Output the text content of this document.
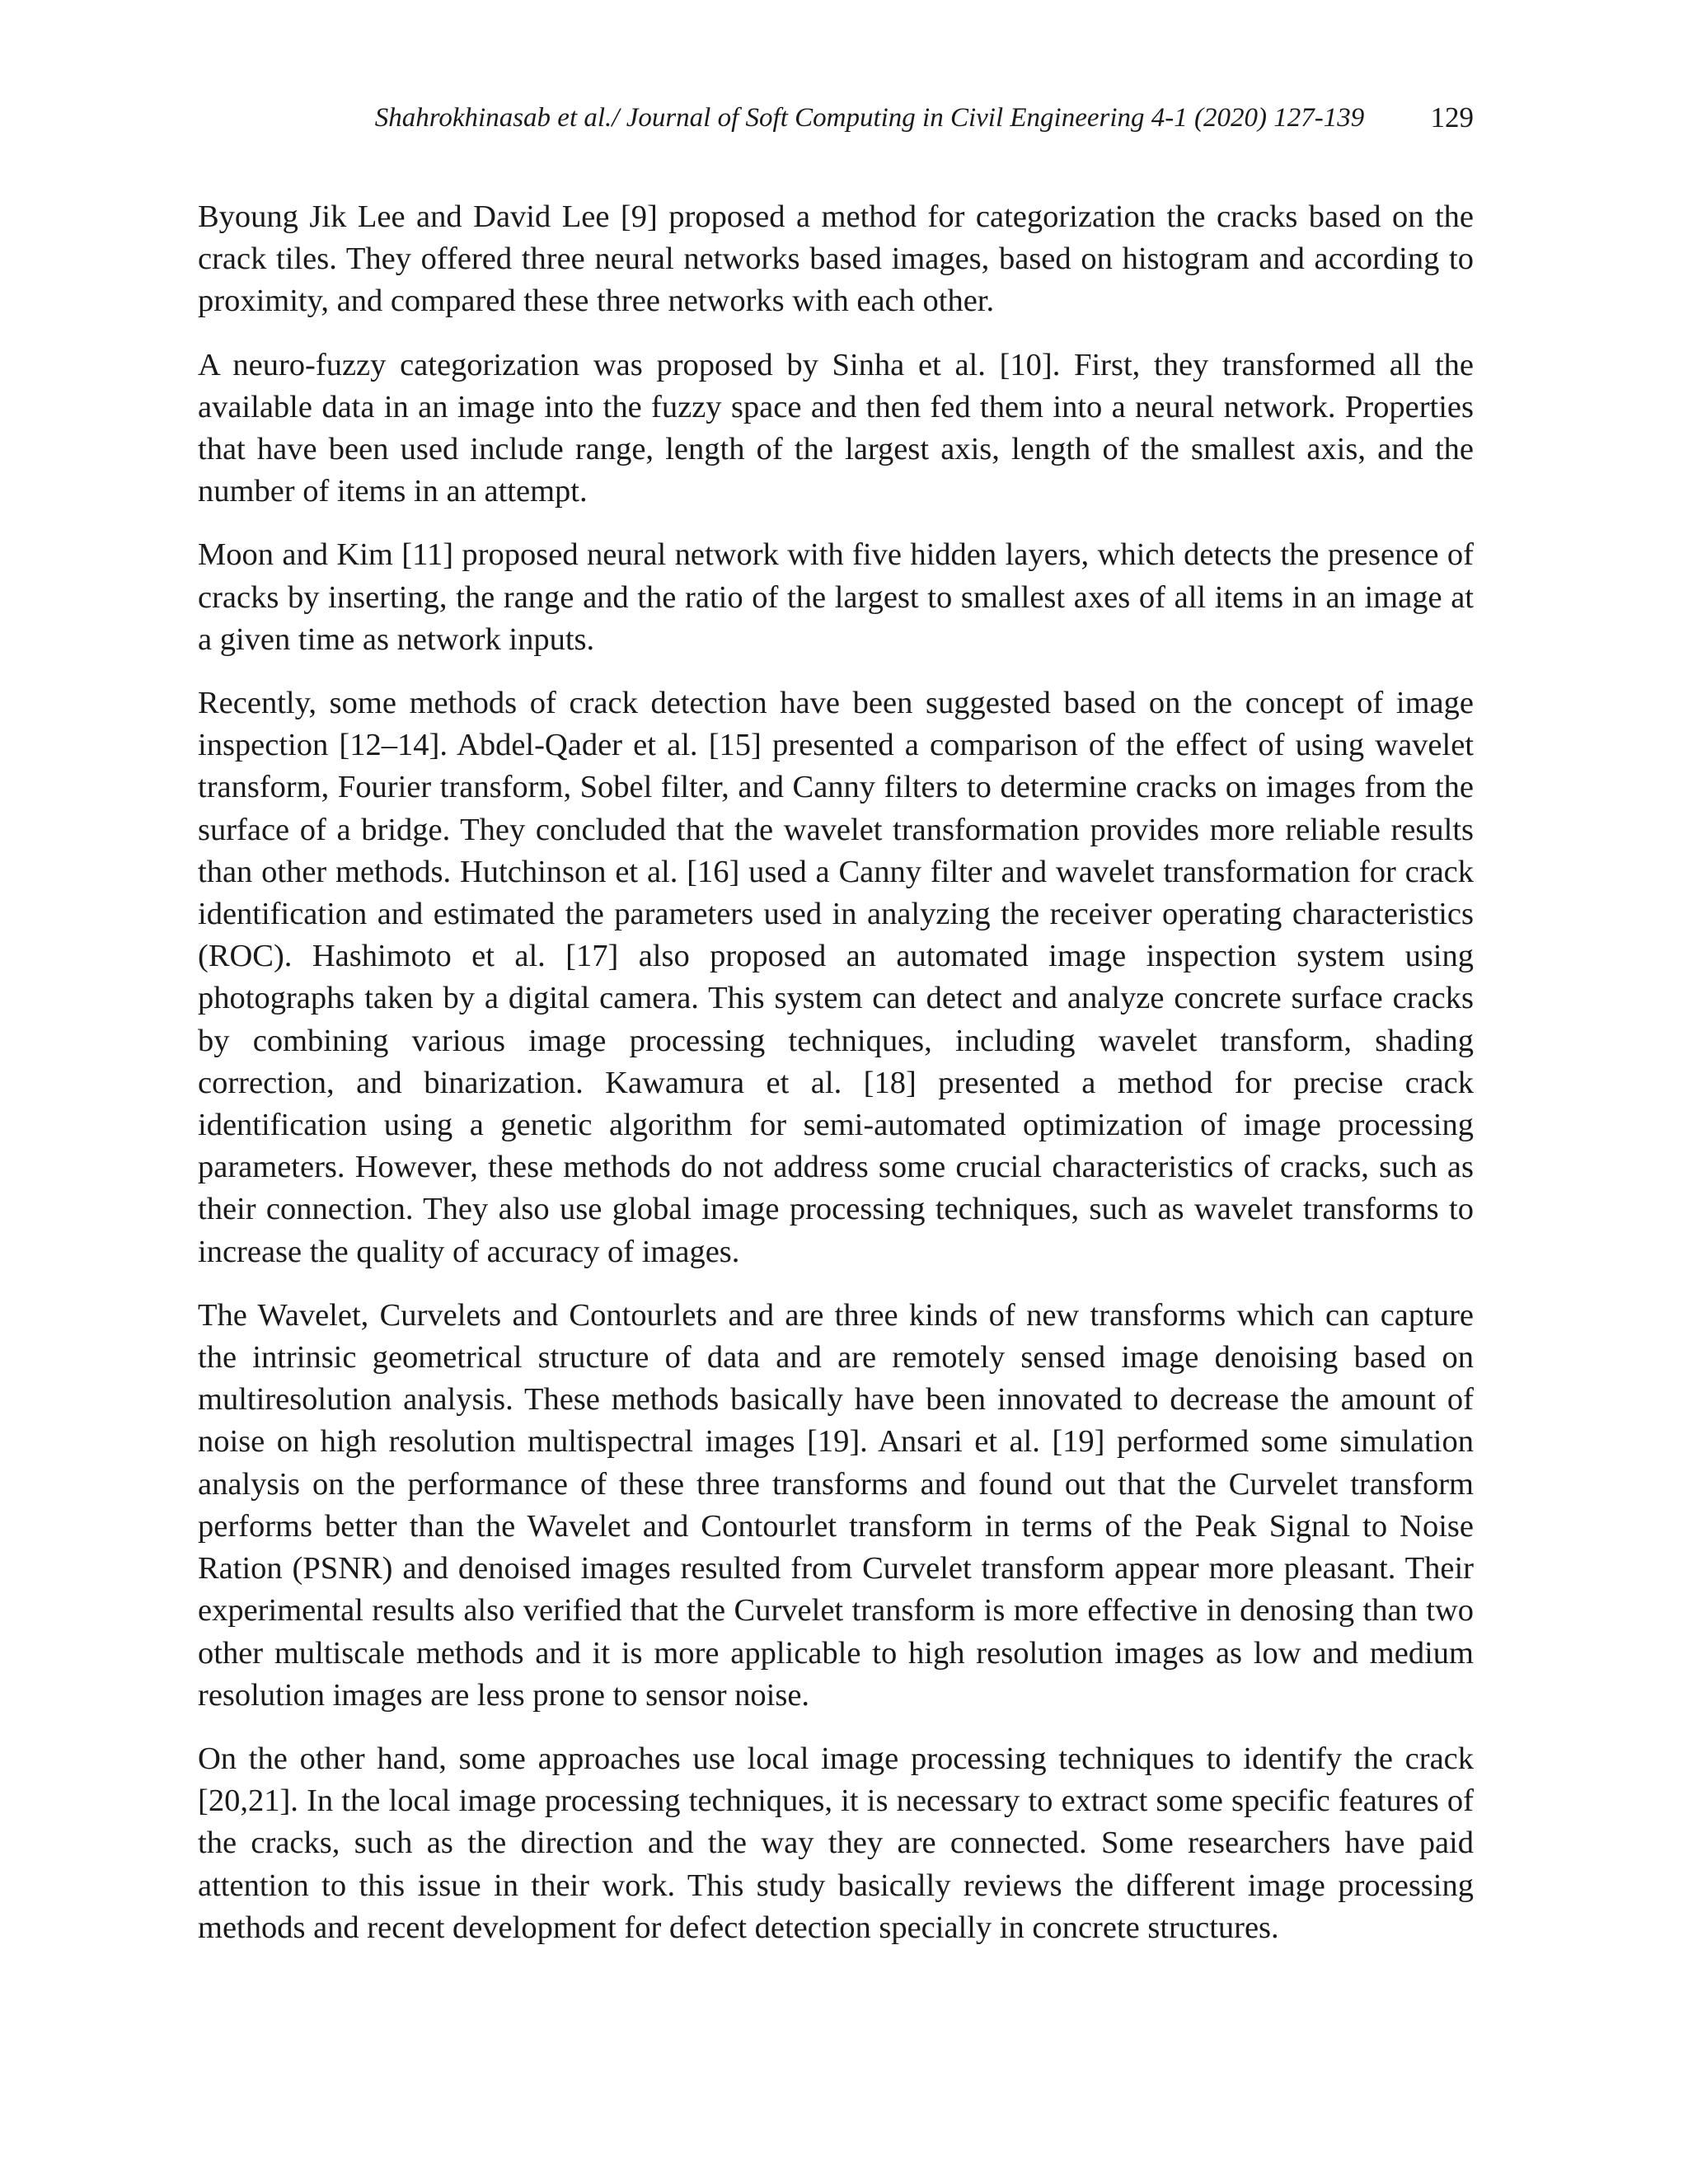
Shahrokhinasab et al./ Journal of Soft Computing in Civil Engineering 4-1 (2020) 127-139	129

Byoung Jik Lee and David Lee [9] proposed a method for categorization the cracks based on the crack tiles. They offered three neural networks based images, based on histogram and according to proximity, and compared these three networks with each other.

A neuro-fuzzy categorization was proposed by Sinha et al. [10]. First, they transformed all the available data in an image into the fuzzy space and then fed them into a neural network. Properties that have been used include range, length of the largest axis, length of the smallest axis, and the number of items in an attempt.

Moon and Kim [11] proposed neural network with five hidden layers, which detects the presence of cracks by inserting, the range and the ratio of the largest to smallest axes of all items in an image at a given time as network inputs.

Recently, some methods of crack detection have been suggested based on the concept of image inspection [12–14]. Abdel-Qader et al. [15] presented a comparison of the effect of using wavelet transform, Fourier transform, Sobel filter, and Canny filters to determine cracks on images from the surface of a bridge. They concluded that the wavelet transformation provides more reliable results than other methods. Hutchinson et al. [16] used a Canny filter and wavelet transformation for crack identification and estimated the parameters used in analyzing the receiver operating characteristics (ROC). Hashimoto et al. [17] also proposed an automated image inspection system using photographs taken by a digital camera. This system can detect and analyze concrete surface cracks by combining various image processing techniques, including wavelet transform, shading correction, and binarization. Kawamura et al. [18] presented a method for precise crack identification using a genetic algorithm for semi-automated optimization of image processing parameters. However, these methods do not address some crucial characteristics of cracks, such as their connection. They also use global image processing techniques, such as wavelet transforms to increase the quality of accuracy of images.

The Wavelet, Curvelets and Contourlets and are three kinds of new transforms which can capture the intrinsic geometrical structure of data and are remotely sensed image denoising based on multiresolution analysis. These methods basically have been innovated to decrease the amount of noise on high resolution multispectral images [19]. Ansari et al. [19] performed some simulation analysis on the performance of these three transforms and found out that the Curvelet transform performs better than the Wavelet and Contourlet transform in terms of the Peak Signal to Noise Ration (PSNR) and denoised images resulted from Curvelet transform appear more pleasant. Their experimental results also verified that the Curvelet transform is more effective in denosing than two other multiscale methods and it is more applicable to high resolution images as low and medium resolution images are less prone to sensor noise.

On the other hand, some approaches use local image processing techniques to identify the crack [20,21]. In the local image processing techniques, it is necessary to extract some specific features of the cracks, such as the direction and the way they are connected. Some researchers have paid attention to this issue in their work. This study basically reviews the different image processing methods and recent development for defect detection specially in concrete structures.
